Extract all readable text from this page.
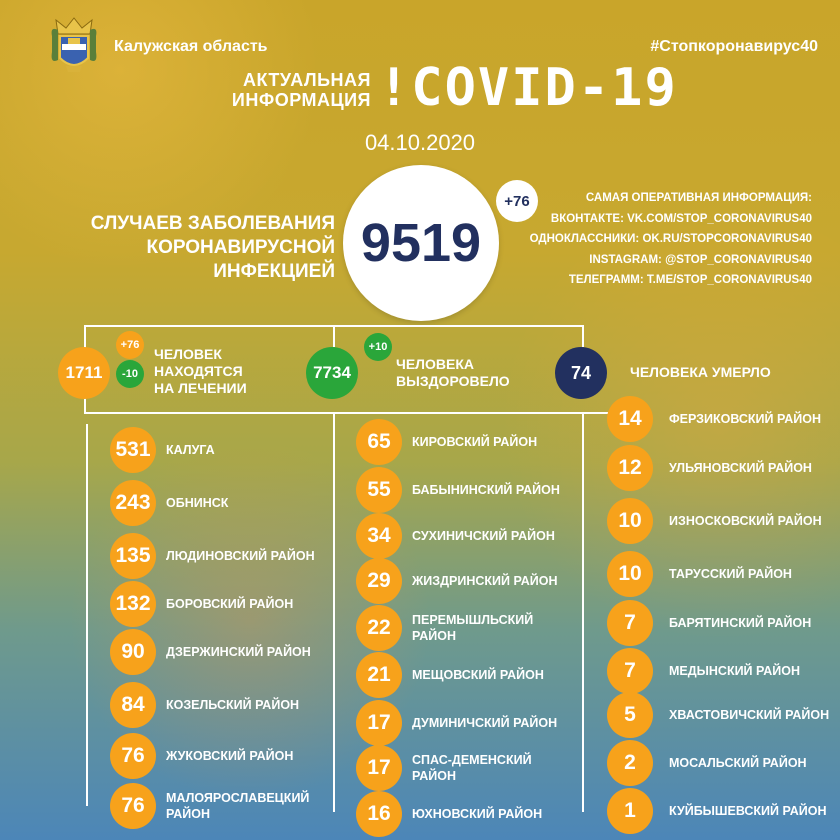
Калужская область	#Стопкоронавирус40
АКТУАЛЬНАЯ
ИНФОРМАЦИЯ !COVID-19
04.10.2020
СЛУЧАЕВ ЗАБОЛЕВАНИЯ
КОРОНАВИРУСНОЙ ИНФЕКЦИЕЙ 9519
+76	САМАЯ ОПЕРАТИВНАЯ ИНФОРМАЦИЯ:
ВКОНТАКТЕ: VK.COM/STOP_CORONAVIRUS40
ОДНОКЛАССНИКИ: OK.RU/STOPCORONAVIRUS40
INSTAGRAM: @STOP_CORONAVIRUS40
ТЕЛЕГРАММ: T.ME/STOP_CORONAVIRUS40
1711
+76
-10
ЧЕЛОВЕК
НАХОДЯТСЯ
НА ЛЕЧЕНИИ
7734
+10
ЧЕЛОВЕКА
ВЫЗДОРОВЕЛО	74	ЧЕЛОВЕКА УМЕРЛО
531	КАЛУГА
243	ОБНИНСК
135	ЛЮДИНОВСКИЙ РАЙОН
132	БОРОВСКИЙ РАЙОН
90	ДЗЕРЖИНСКИЙ РАЙОН
84	КОЗЕЛЬСКИЙ РАЙОН
76	ЖУКОВСКИЙ РАЙОН
76	МАЛОЯРОСЛАВЕЦКИЙ
РАЙОН
65	КИРОВСКИЙ РАЙОН
55	БАБЫНИНСКИЙ РАЙОН
34	СУХИНИЧСКИЙ РАЙОН
29	ЖИЗДРИНСКИЙ РАЙОН
22	ПЕРЕМЫШЛЬСКИЙ
РАЙОН
21	МЕЩОВСКИЙ РАЙОН
17	ДУМИНИЧСКИЙ РАЙОН
17	СПАС-ДЕМЕНСКИЙ
РАЙОН
16	ЮХНОВСКИЙ РАЙОН
14	ФЕРЗИКОВСКИЙ РАЙОН
12	УЛЬЯНОВСКИЙ РАЙОН
10	ИЗНОСКОВСКИЙ РАЙОН
10	ТАРУССКИЙ РАЙОН
7	БАРЯТИНСКИЙ РАЙОН
7	МЕДЫНСКИЙ РАЙОН
5	ХВАСТОВИЧСКИЙ РАЙОН
2	МОСАЛЬСКИЙ РАЙОН
1	КУЙБЫШЕВСКИЙ РАЙОН
